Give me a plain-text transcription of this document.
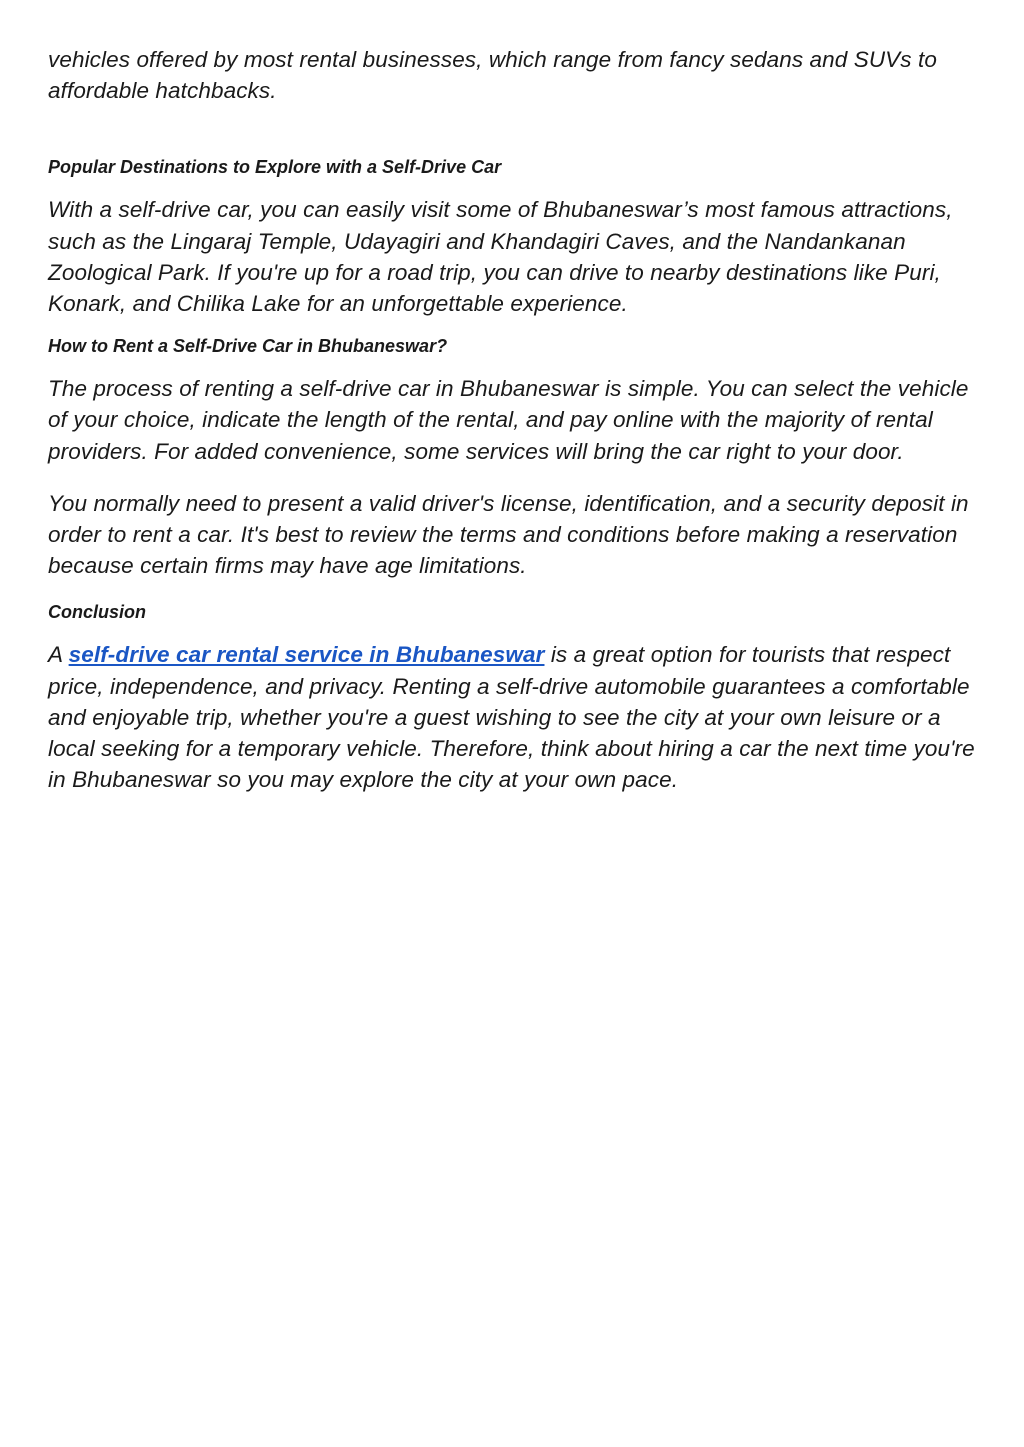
vehicles offered by most rental businesses, which range from fancy sedans and SUVs to affordable hatchbacks.

Popular Destinations to Explore with a Self-Drive Car

With a self-drive car, you can easily visit some of Bhubaneswar’s most famous attractions, such as the Lingaraj Temple, Udayagiri and Khandagiri Caves, and the Nandankanan Zoological Park. If you're up for a road trip, you can drive to nearby destinations like Puri, Konark, and Chilika Lake for an unforgettable experience.

How to Rent a Self-Drive Car in Bhubaneswar?

The process of renting a self-drive car in Bhubaneswar is simple. You can select the vehicle of your choice, indicate the length of the rental, and pay online with the majority of rental providers. For added convenience, some services will bring the car right to your door.

You normally need to present a valid driver's license, identification, and a security deposit in order to rent a car. It's best to review the terms and conditions before making a reservation because certain firms may have age limitations.

Conclusion

A self-drive car rental service in Bhubaneswar is a great option for tourists that respect price, independence, and privacy. Renting a self-drive automobile guarantees a comfortable and enjoyable trip, whether you're a guest wishing to see the city at your own leisure or a local seeking for a temporary vehicle. Therefore, think about hiring a car the next time you're in Bhubaneswar so you may explore the city at your own pace.
